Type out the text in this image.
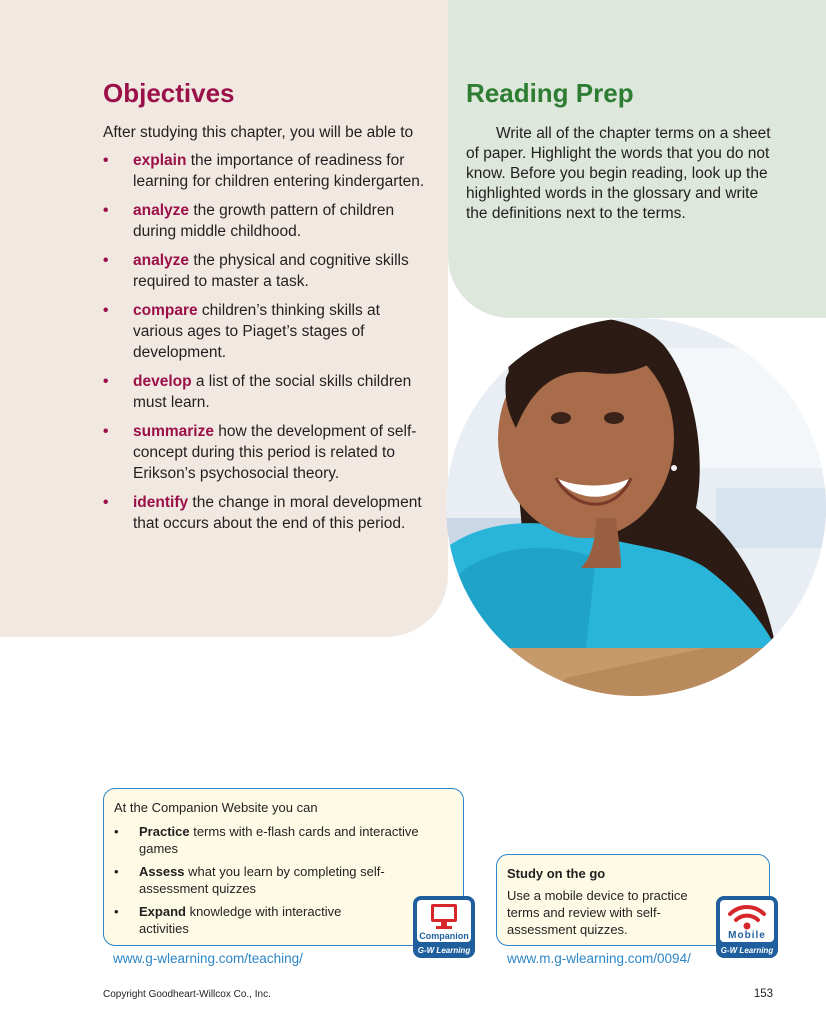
Objectives
After studying this chapter, you will be able to
• explain the importance of readiness for learning for children entering kindergarten.
• analyze the growth pattern of children during middle childhood.
• analyze the physical and cognitive skills required to master a task.
• compare children’s thinking skills at various ages to Piaget’s stages of development.
• develop a list of the social skills children must learn.
• summarize how the development of self-concept during this period is related to Erikson’s psychosocial theory.
• identify the change in moral development that occurs about the end of this period.
Reading Prep

Write all of the chapter terms on a sheet of paper. Highlight the words that you do not know. Before you begin reading, look up the highlighted words in the glossary and write the definitions next to the terms.

At the Companion Website you can
• Practice terms with e-flash cards and interactive games
• Assess what you learn by completing self-assessment quizzes
• Expand knowledge with interactive activities	Companion
G-W Learning
www.g-wlearning.com/teaching/
Study on the go
Use a mobile device to practice terms and review with self-assessment quizzes.	Mobile
G-W Learning
www.m.g-wlearning.com/0094/
Copyright Goodheart-Willcox Co., Inc.	153
